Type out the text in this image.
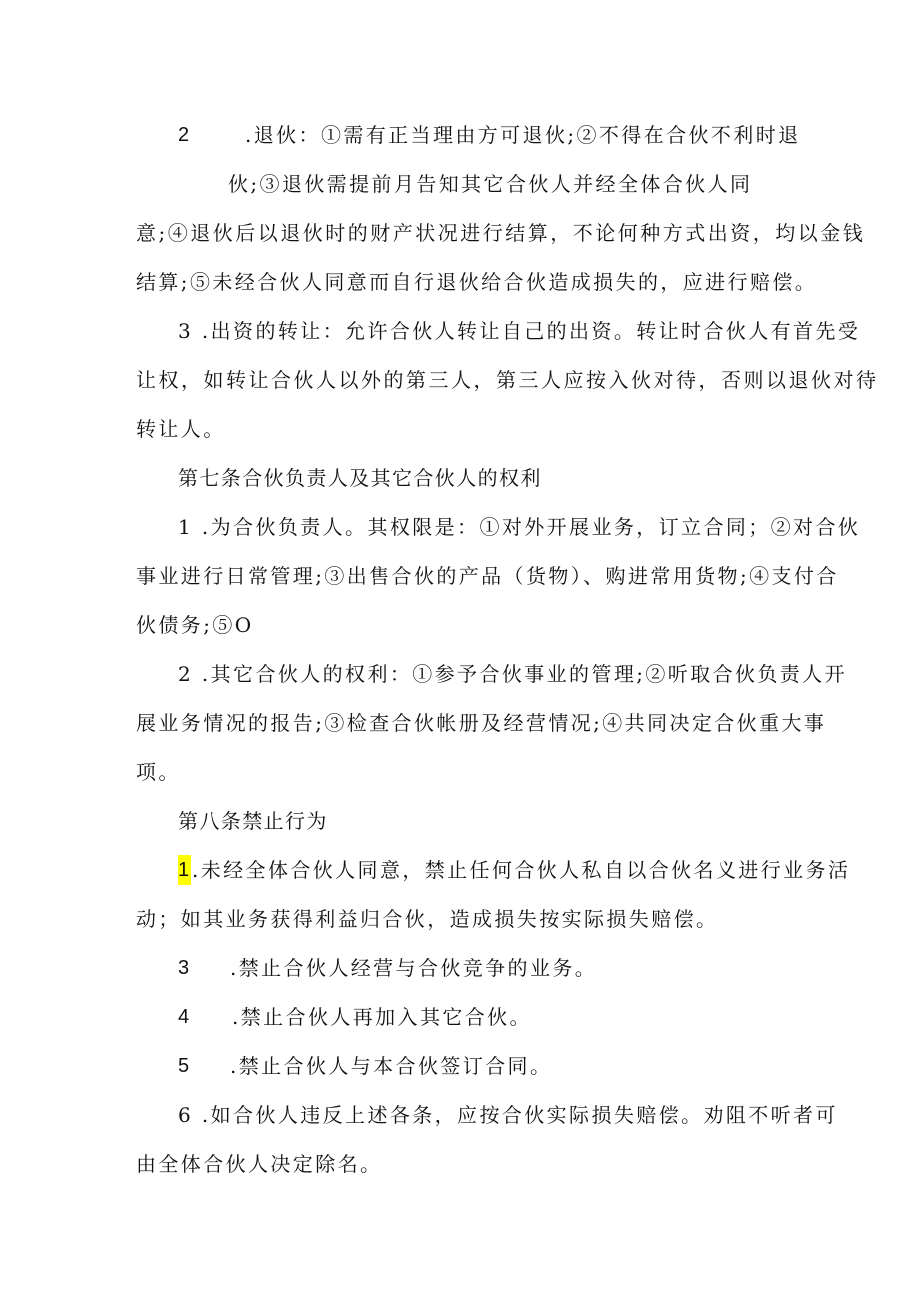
2	.退伙：①需有正当理由方可退伙;②不得在合伙不利时退
伙;③退伙需提前月告知其它合伙人并经全体合伙人同
意;④退伙后以退伙时的财产状况进行结算，不论何种方式出资，均以金钱
结算;⑤未经合伙人同意而自行退伙给合伙造成损失的，应进行赔偿。
3 .出资的转让：允许合伙人转让自己的出资。转让时合伙人有首先受
让权，如转让合伙人以外的第三人，第三人应按入伙对待，否则以退伙对待
转让人。
第七条合伙负责人及其它合伙人的权利
1 .为合伙负责人。其权限是：①对外开展业务，订立合同；②对合伙
事业进行日常管理;③出售合伙的产品（货物）、购进常用货物;④支付合
伙债务;⑤O
2 .其它合伙人的权利：①参予合伙事业的管理;②听取合伙负责人开
展业务情况的报告;③检查合伙帐册及经营情况;④共同决定合伙重大事
项。
第八条禁止行为
1 .未经全体合伙人同意，禁止任何合伙人私自以合伙名义进行业务活
动；如其业务获得利益归合伙，造成损失按实际损失赔偿。
3 .禁止合伙人经营与合伙竞争的业务。
4 .禁止合伙人再加入其它合伙。
5 .禁止合伙人与本合伙签订合同。
6 .如合伙人违反上述各条，应按合伙实际损失赔偿。劝阻不听者可
由全体合伙人决定除名。
